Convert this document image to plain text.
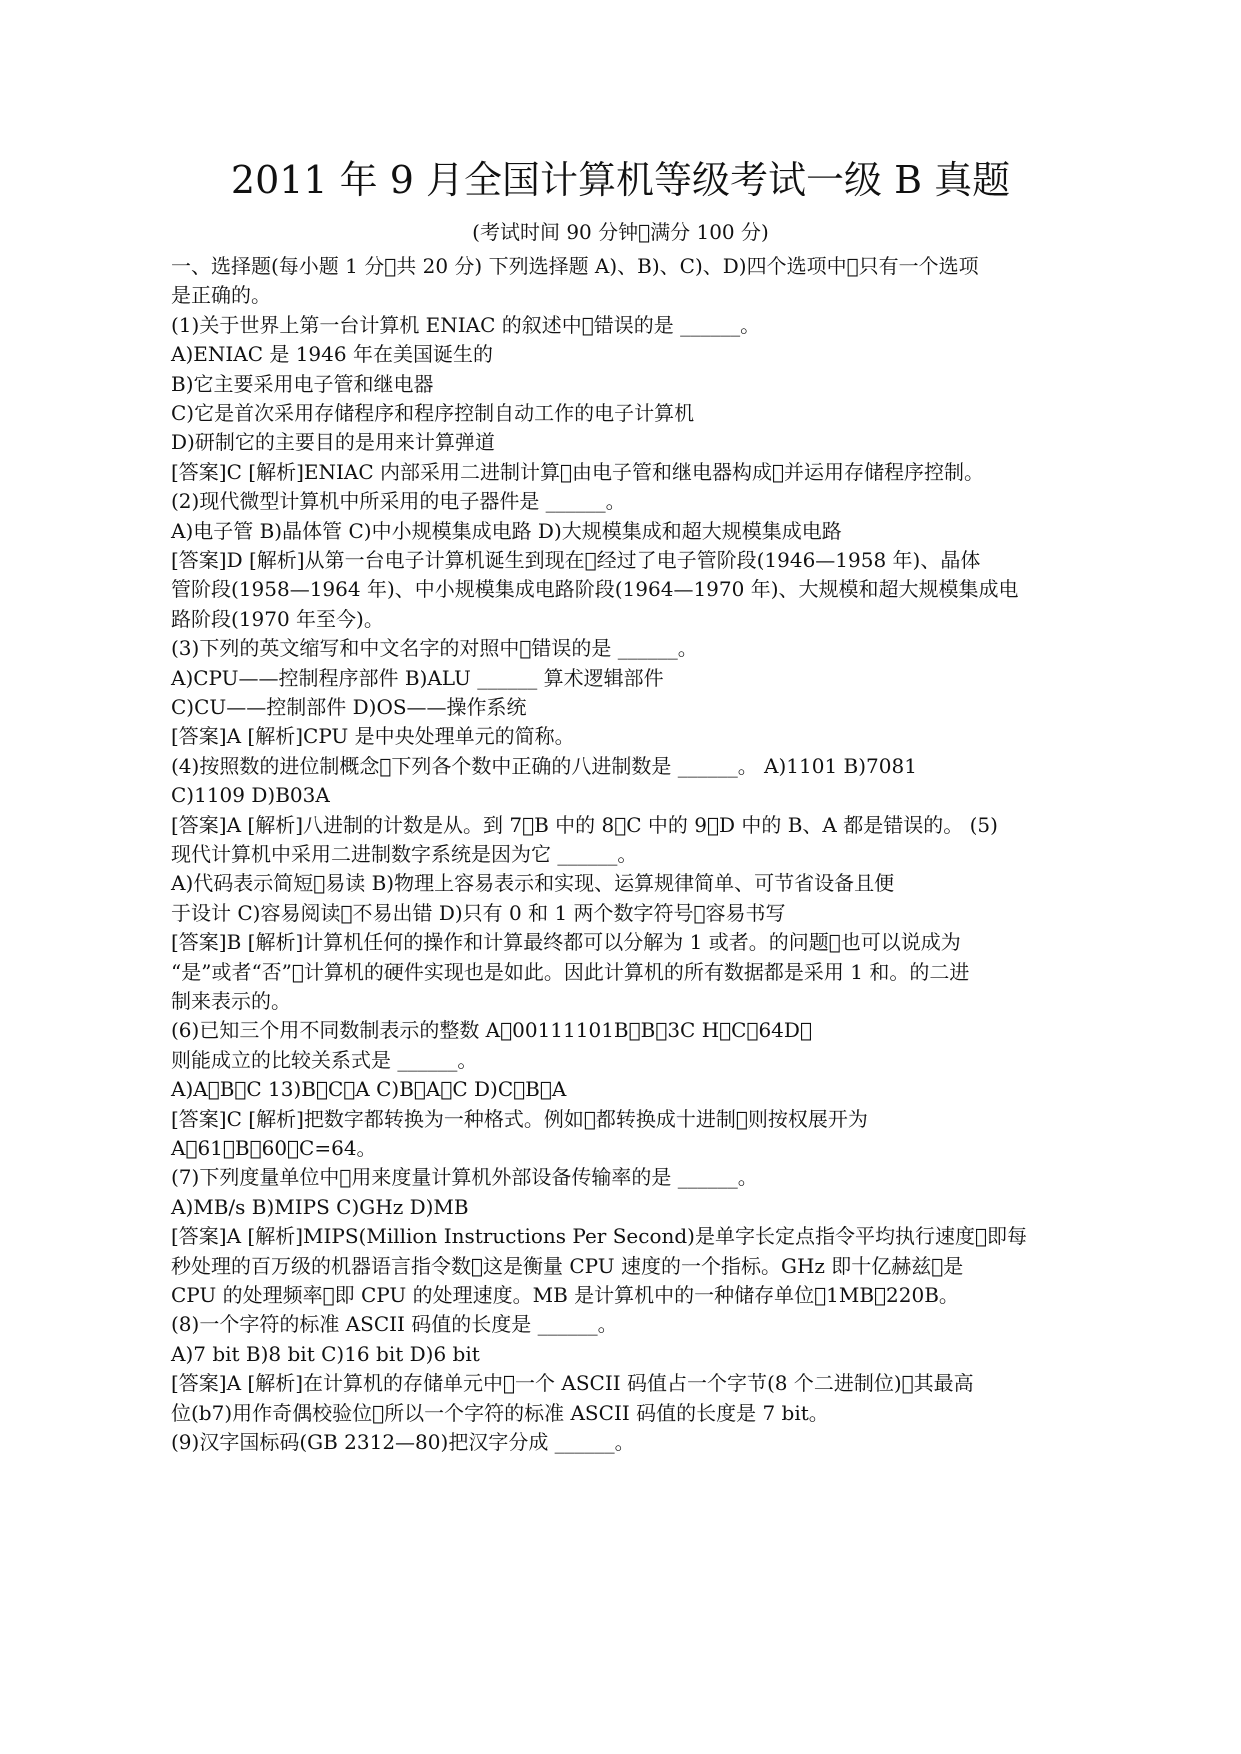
2011 年 9 月全国计算机等级考试一级 B 真题
(考试时间 90 分钟 满分 100 分)
一、选择题(每小题 1 分 共 20 分) 下列选择题 A)、B)、C)、D)四个选项中 只有一个选项
是正确的。
(1)关于世界上第一台计算机 ENIAC 的叙述中 错误的是 ______。
A)ENIAC 是 1946 年在美国诞生的
B)它主要采用电子管和继电器
C)它是首次采用存储程序和程序控制自动工作的电子计算机
D)研制它的主要目的是用来计算弹道
[答案]C [解析]ENIAC 内部采用二进制计算 由电子管和继电器构成 并运用存储程序控制。
(2)现代微型计算机中所采用的电子器件是 ______。
A)电子管 B)晶体管 C)中小规模集成电路 D)大规模集成和超大规模集成电路
[答案]D [解析]从第一台电子计算机诞生到现在 经过了电子管阶段(1946—1958 年)、晶体
管阶段(1958—1964 年)、中小规模集成电路阶段(1964—1970 年)、大规模和超大规模集成电
路阶段(1970 年至今)。
(3)下列的英文缩写和中文名字的对照中 错误的是 ______。
A)CPU——控制程序部件 B)ALU ______ 算术逻辑部件
C)CU——控制部件 D)OS——操作系统
[答案]A [解析]CPU 是中央处理单元的简称。
(4)按照数的进位制概念 下列各个数中正确的八进制数是 ______。 A)1101 B)7081
C)1109 D)B03A
[答案]A [解析]八进制的计数是从。到 7 B 中的 8 C 中的 9 D 中的 B、A 都是错误的。 (5)
现代计算机中采用二进制数字系统是因为它 ______。
A)代码表示简短 易读 B)物理上容易表示和实现、运算规律简单、可节省设备且便
于设计 C)容易阅读 不易出错 D)只有 0 和 1 两个数字符号 容易书写
[答案]B [解析]计算机任何的操作和计算最终都可以分解为 1 或者。的问题 也可以说成为
“是”或者“否” 计算机的硬件实现也是如此。因此计算机的所有数据都是采用 1 和。的二进
制来表示的。
(6)已知三个用不同数制表示的整数 A 00111101B B 3C H C 64D 
则能成立的比较关系式是 ______。
A)A B C 13)B C A C)B A C D)C B A
[答案]C [解析]把数字都转换为一种格式。例如 都转换成十进制 则按权展开为
A 61 B 60 C=64。
(7)下列度量单位中 用来度量计算机外部设备传输率的是 ______。
A)MB/s B)MIPS C)GHz D)MB
[答案]A [解析]MIPS(Million Instructions Per Second)是单字长定点指令平均执行速度 即每
秒处理的百万级的机器语言指令数 这是衡量 CPU 速度的一个指标。GHz 即十亿赫兹 是
CPU 的处理频率 即 CPU 的处理速度。MB 是计算机中的一种储存单位 1MB 220B。
(8)一个字符的标准 ASCII 码值的长度是 ______。
A)7 bit B)8 bit C)16 bit D)6 bit
[答案]A [解析]在计算机的存储单元中 一个 ASCII 码值占一个字节(8 个二进制位) 其最高
位(b7)用作奇偶校验位 所以一个字符的标准 ASCII 码值的长度是 7 bit。
(9)汉字国标码(GB 2312—80)把汉字分成 ______。
